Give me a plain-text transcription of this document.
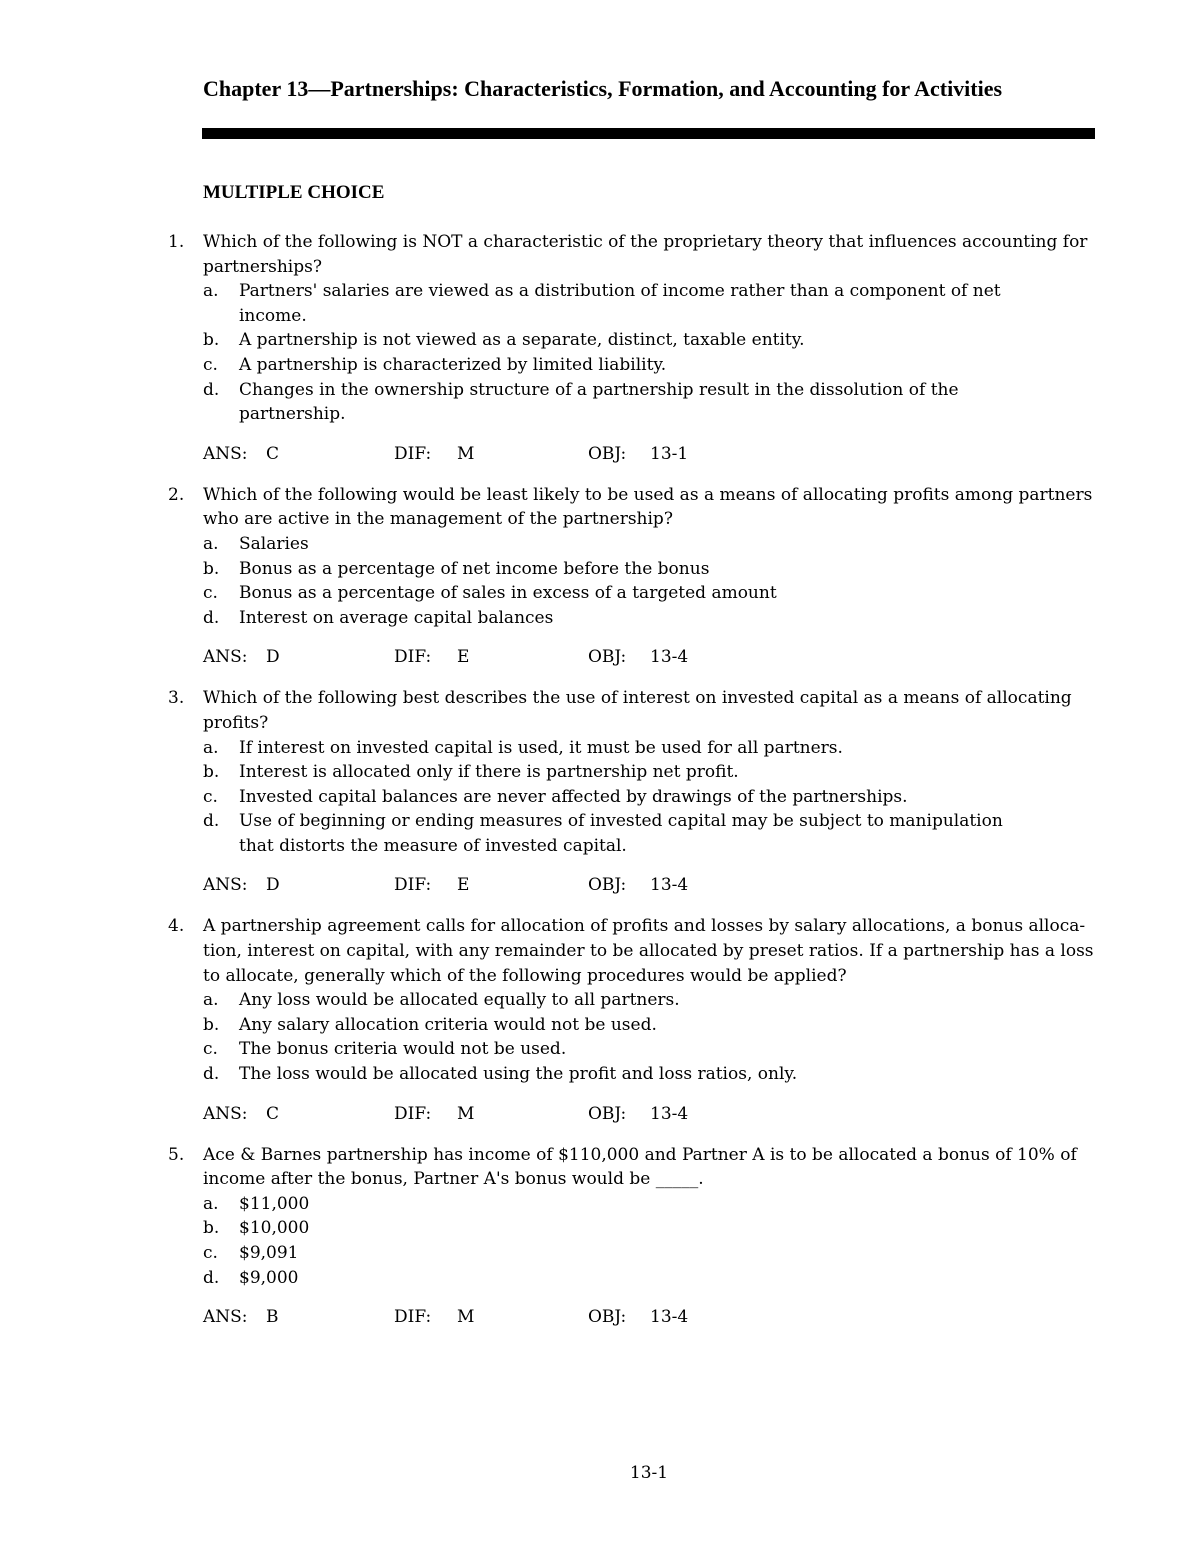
Chapter 13—Partnerships: Characteristics, Formation, and Accounting for Activities
MULTIPLE CHOICE
1. Which of the following is NOT a characteristic of the proprietary theory that influences accounting for partnerships?
a. Partners' salaries are viewed as a distribution of income rather than a component of net income.
b. A partnership is not viewed as a separate, distinct, taxable entity.
c. A partnership is characterized by limited liability.
d. Changes in the ownership structure of a partnership result in the dissolution of the partnership.
ANS: C	DIF: M	OBJ: 13-1
2. Which of the following would be least likely to be used as a means of allocating profits among partners who are active in the management of the partnership?
a. Salaries
b. Bonus as a percentage of net income before the bonus
c. Bonus as a percentage of sales in excess of a targeted amount
d. Interest on average capital balances
ANS: D	DIF: E	OBJ: 13-4
3. Which of the following best describes the use of interest on invested capital as a means of allocating profits?
a. If interest on invested capital is used, it must be used for all partners.
b. Interest is allocated only if there is partnership net profit.
c. Invested capital balances are never affected by drawings of the partnerships.
d. Use of beginning or ending measures of invested capital may be subject to manipulation that distorts the measure of invested capital.
ANS: D	DIF: E	OBJ: 13-4
4. A partnership agreement calls for allocation of profits and losses by salary allocations, a bonus allocation, interest on capital, with any remainder to be allocated by preset ratios. If a partnership has a loss to allocate, generally which of the following procedures would be applied?
a. Any loss would be allocated equally to all partners.
b. Any salary allocation criteria would not be used.
c. The bonus criteria would not be used.
d. The loss would be allocated using the profit and loss ratios, only.
ANS: C	DIF: M	OBJ: 13-4
5. Ace & Barnes partnership has income of $110,000 and Partner A is to be allocated a bonus of 10% of income after the bonus, Partner A's bonus would be _____.
a. $11,000
b. $10,000
c. $9,091
d. $9,000
ANS: B	DIF: M	OBJ: 13-4
13-1
